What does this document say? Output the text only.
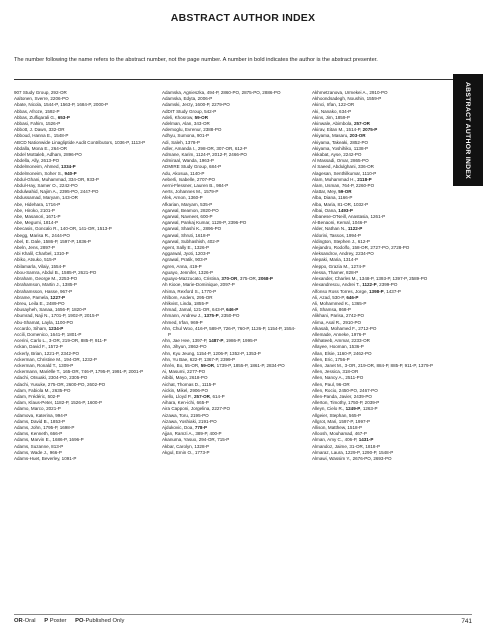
ABSTRACT AUTHOR INDEX
The number following the name refers to the abstract number, not the page number. A number in bold indicates the author is the abstract presenter.
ABSTRACT AUTHOR INDEX
907 Study Group, 292-OR
Aaltonen, Sverre, 2206-PO
Abate, Nicola, 1544-P, 1563-P, 1684-P, 2000-P
Abbas, Afroze, 1592-P
Abbas, Zulfiqarali G., 653-P
Abbasi, Fahim, 1526-P
Abbott, J. Dawn, 332-OR
Abboud, Hanna E., 1548-P
ABCD Nationwide Linagliptide Audit Contributors, 1036-P, 1113-P
Abdalla, Mona E., 264-OR
Abdel Mottaleb, Adham, 2896-PO
Abdella, Ally, 2613-PO
Abdelmoneim, Ahmed, 1334-P
Abdelmoneim, Soher S., 940-P
Abdul-Ghani, Muhammad, 334-OR, 933-P
Abdul-Hay, Samer O., 2242-PO
Abdulwahid, Najim A., 2395-PO, 2447-PO
Abdussamad, Maryam, 143-OR
Abe, Hidehara, 1716-P
Abe, Hiroko, 2101-P
Abe, Masanori, 1671-P
Abe, Megumi, 1814-P
Abecasis, Goncalo R., 140-OR, 141-OR, 1513-P
Abegg, Marisa R., 2444-PO
Abel, E. Dale, 1586-P, 1597-P, 1836-P
Abeln, Jens, 2897-P
Abi Khalil, Charbel, 1310-P
Abiko, Atsuko, 515-P
Abilamarla, Vilaiy, 1554-P
Abou-Samra, Abdul B., 1585-P, 2621-PO
Abraham, George M., 2253-PO
Abrahamson, Martin J., 1385-P
Abrahamsson, Hasse, 967-P
Abrame, Pamela, 1227-P
Abreu, Leila E., 2489-PO
Abusayheh, Sanaa, 1656-P, 1820-P
Abumrad, Naji N., 1701-P, 1902-P, 2015-P
Abu-Shamat, Layla, 1100-PO
Accardo, Siham, 1234-P
Accili, Domenico, 1641-P, 1801-P
Acerini, Carlo L., 3-OR, 219-OR, 885-P, 911-P
Ackan, David F., 1572-P
Ackerly, Brian, 1221-P, 2342-PO
Ackerman, Christine M., 194-OR, 1232-P
Ackerman, Ronald T., 1309-P
Ackermann, Mariëlle T., 165-OR, 746-P, 1795-P, 1991-P, 2001-P
Adachi, Otsuaki, 2304-PO, 2305-PO
Adachi, Yusuke, 275-OR, 2600-PO, 2602-PO
Adam, Fabiola M., 2635-PO
Adam, Frédéric, 502-P
Adam, Klaus-Peter, 1182-P, 1526-P, 1600-P
Adamo, Marco, 2021-P
Adamova, Katerina, 994-P
Adams, David B., 1853-P
Adams, John, 1795-P, 1698-P
Adams, Kenneth, 666-P
Adams, Marvin E., 1686-P, 1696-P
Adams, Suzanne, 813-P
Adams, Wade J., 966-P
Adams-Huet, Beverley, 1091-P
Adamska, Agnieszka, 494-P, 2860-PO, 2875-PO, 2886-PO
Adamska, Edyta, 2006-P
Adamski, Jerzy, 1600-P, 2279-PO
AdDIT Study Group, 542-P
Adeli, Khosrow, 59-OR
Adelman, Alan, 343-OR
Ademoglu, Evrenur, 2388-PO
Adhyu, Sumona, 901-P
Adi, Saleh, 1378-P
Adler, Amanda I., 298-OR, 307-OR, 612-P
Admane, Karim, 1124-P, 2012-P, 2466-PO
Admiraal, Wanda, 1963-P
ADMIRE Study Group, 684-P
Adu, Akosua, 1140-P
Aeberli, Isabelle, 2707-PO
Aerni-Flessner, Lauren B., 984-P
Aerts, Johannes M., 1579-P
Afek, Arnon, 1360-P
Afkarian, Maryam, 535-P
Agarwal, Beamon, 2820-PO
Agarwal, Navneet, 600-P
Agarwal, Pankaj Kumar, 1129-P, 2396-PO
Agarwal, Shashi K., 2896-PO
Agarwal, Shruti, 1618-P
Agarwal, Subhashish, 402-P
Agent, Sally E., 1326-P
Aggarwal, Jyoti, 1203-P
Agrawal, Pratik, 903-P
Agren, Anna, 419-P
Aguayo, Jennifer, 1326-P
Aguayo-Mazzucato, Cristina, 370-OR, 375-OR, 2068-P
Ah Kiooe, Marie-Dominique, 2097-P
Ahima, Rexford S., 1770-P
Ahlbom, Anders, 295-OR
Ahlkvist, Linda, 1855-P
Ahmad, Jamal, 121-OR, 643-P, 646-P
Ahmann, Andrew J., 1375-P, 2350-PO
Ahmed, Irfan, 969-P
Ahn, Chul Woo, 416-P, 589-P, 726-P, 760-P, 1126-P, 1154-P, 1554-P
Ahn, Jae Hee, 1397-P, 1487-P, 1986-P, 1995-P
Ahn, Jihyun, 2862-PO
Ahn, Kyu Jeung, 1154-P, 1206-P, 1352-P, 1353-P
Ahn, Yu Bae, 622-P, 1367-P, 2399-P
Ahrén, Bo, 55-OR, 59-OR, 1739-P, 1855-P, 1861-P, 2834-PO
Ai, Masumi, 2277-PO
Aibibi, Mayo, 2618-PO
Aichat, Thomas D., 1115-P
Aickin, Mikel, 2906-PO
Aiello, Lloyd P., 257-OR, 614-P
Aihara, Ken-ichi, 665-P
Aira Capponi, Jorgelina, 2227-PO
Aizawa, Toru, 2195-PO
Aizawa, Yoshiaki, 2191-PO
Ajdukovic, Doa, 778-P
Ajjan, Ramzi A., 389-P, 400-P
Akanuma, Yasuo, 294-OR, 715-P
Akbar, Carolyn, 1328-P
Akgul, Emin O., 1773-P
Akhmetzanova, Urmekei A., 2910-PO
Akhoondsadegh, Noushin, 1559-P
Akinci, Irfan, 122-OR
Aki, Nanako, 634-P
Akins, Jim, 1859-P
Akinwale, Abimbola, 257-OR
Akirav, Eitan M., 1514-P, 2075-P
Akiyama, Masaru, 203-OR
Akiyama, Takeaki, 2852-PO
Akiyama, Yoshihiko, 1138-P
Akkabat, Ayse, 2242-PO
Al Massadi, Omar, 2865-PO
Al Saeed, Abdulghani, 336-OR
Alagesan, Senthilkumar, 1110-P
Alam, Muhammad H., 2118-P
Alam, Usman, 764-P, 2260-PO
Alattar, Mey, 59-OR
Alba, Diana, 1166-P
Alba, Maria, 81-OR, 1032-P
Albai, Oana, 1493-P
Albanese-O'Neill, Anastasia, 1261-P
Al-Benaoni, Kemal, 1046-P
Alder, Nathan N., 1122-P
Aldorini, Tassos, 1994-P
Aldington, Stephen J., 612-P
Alejandro, Rodolfo, 158-OR, 2727-PO, 2728-PO
Aleksandrov, Andrey, 2234-PO
Alepaki, Maria, 1314-P
Aleppo, Grazia M., 1274-P
Alessa, Thamer, 828-P
Alexander, Charles M., 1348-P, 1393-P, 1397-P, 2589-PO
Alexandrescu, Andrei T., 1122-P, 2399-PO
Alfonso Ross Torres, Jorge, 1398-P, 1437-P
Ali, Azad, 530-P, 646-P
Ali, Mohammed K., 1365-P
Ali, Shamsa, 868-P
Alikhani, Parisa, 2742-PO
Alima, Asal R., 2910-PO
Alkasab, Mohamed F., 2712-PO
Allemade, Anneke, 1976-P
Alkhateeb, Ammar, 2233-OR
Allayee, Hooman, 1536-P
Allan, Elsie, 1160-P, 2462-PO
Allen, Eric, 1756-P
Allen, Janet M., 3-OR, 219-OR, 884-P, 885-P, 911-P, 1379-P
Allen, Jessica, 318-OR
Allen, Nancy A., 2511-PO
Allen, Paul, 96-OR
Allen, Rocio, 2450-PO, 2467-PO
Allen-Panda, Javier, 2439-PO
Allerton, Timothy, 1750-P, 2039-P
Alleyn, Cielo R., 1249-P, 1263-P
Allgeier, Stephan, 565-P
Allgrot, Mari, 1597-P, 1997-P
Allison, Matthew, 1518-P
Alloosh, Mouhamad, 467-P
Alman, Amy C., 406-P, 1431-P
Almandoz, Jaime, 31-OR, 1818-P
Almaraz, Laura, 1229-P, 1290-P, 1548-P
Almawi, Wassim Y., 2676-PO, 2693-PO
OR-Oral P Poster PO-Published Only	741
